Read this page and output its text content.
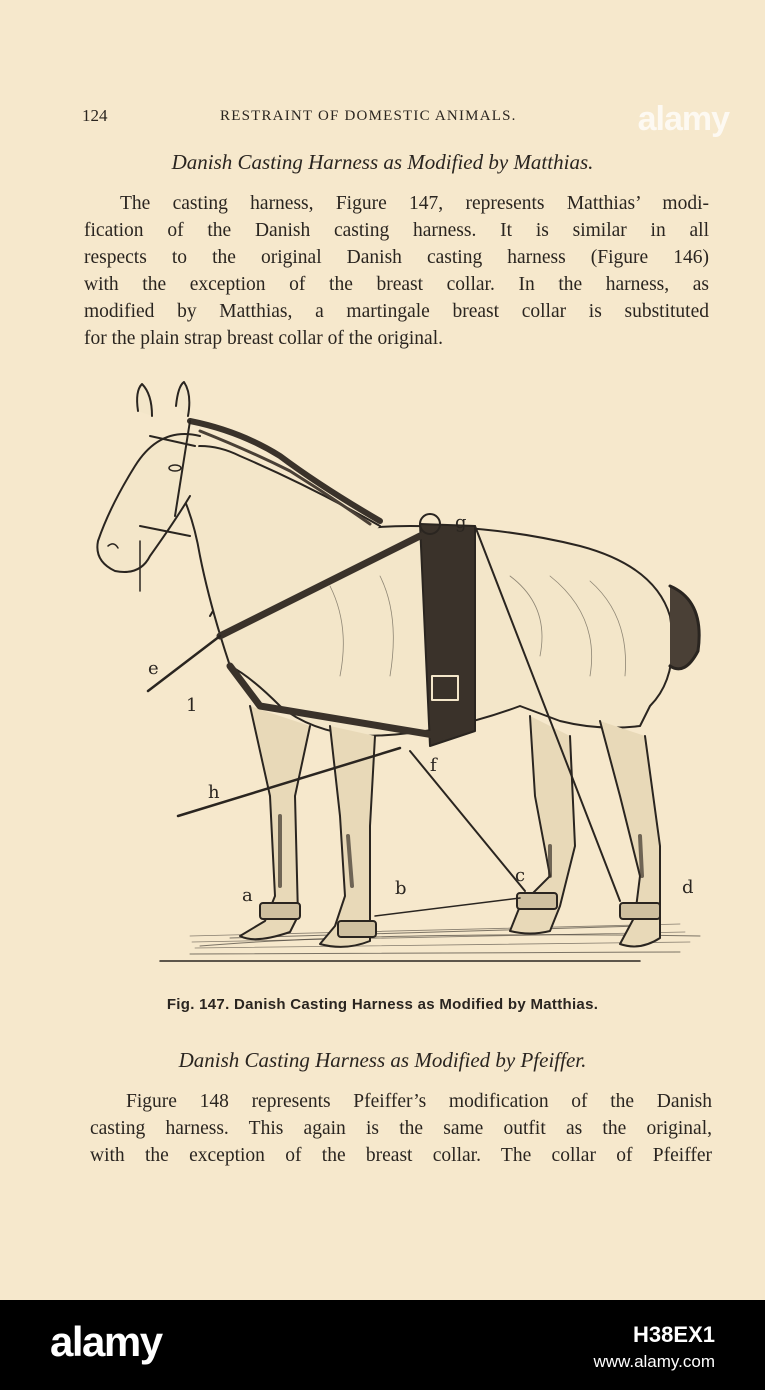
124	RESTRAINT OF DOMESTIC ANIMALS.	alamy
Danish Casting Harness as Modified by Matthias.
The casting harness, Figure 147, represents Matthias’ modi-
fication of the Danish casting harness. It is similar in all
respects to the original Danish casting harness (Figure 146)
with the exception of the breast collar. In the harness, as
modified by Matthias, a martingale breast collar is substituted
for the plain strap breast collar of the original.
g
e
1
f
h
a	b
c
d
Fig. 147. Danish Casting Harness as Modified by Matthias.
Danish Casting Harness as Modified by Pfeiffer.
Figure 148 represents Pfeiffer’s modification of the Danish
casting harness. This again is the same outfit as the original,
with the exception of the breast collar. The collar of Pfeiffer
alamy	H38EX1
www.alamy.com
